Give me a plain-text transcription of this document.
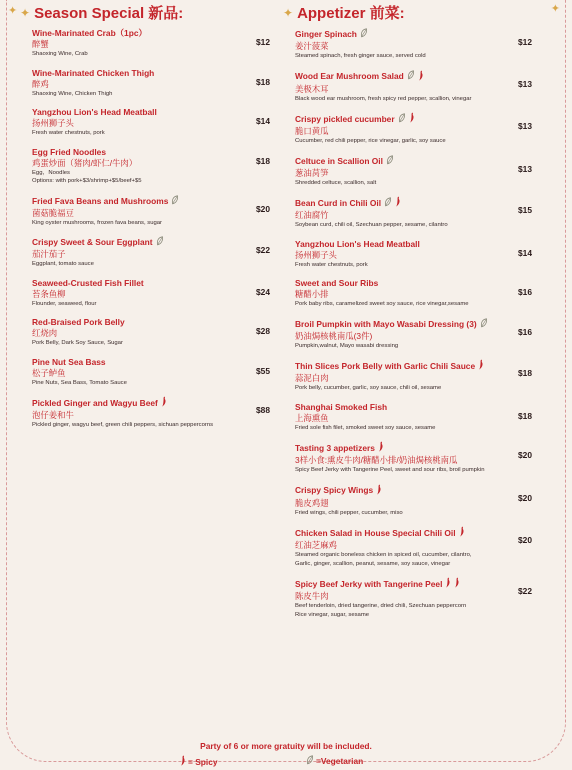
✦	✦
✦ Season Special 新品:
Wine-Marinated Crab（1pc）
醉蟹
Shaoxing Wine, Crab
$12
Wine-Marinated Chicken Thigh
醉鸡
Shaoxing Wine, Chicken Thigh
$18
Yangzhou Lion's Head Meatball
扬州狮子头
Fresh water chestnuts, pork
$14
Egg Fried Noodles
鸡蛋炒面（猪肉/虾仁/牛肉）
Egg，Noodles
Options: with pork+$3/shrimp+$5/beef+$5
$18
Fried Fava Beans and Mushrooms
菌菇脆福豆
King oyster mushrooms, frozen fava beans, sugar
$20
Crispy Sweet & Sour Eggplant
茄汁茄子
Eggplant, tomato sauce
$22
Seaweed-Crusted Fish Fillet
苔条鱼柳
Flounder, seaweed, flour
$24
Red-Braised Pork Belly
红烧肉
Pork Belly, Dark Soy Sauce, Sugar
$28
Pine Nut Sea Bass
松子鲈鱼
Pine Nuts, Sea Bass, Tomato Sauce
$55
Pickled Ginger and Wagyu Beef
泡仔姜和牛
Pickled ginger, wagyu beef, green chili peppers, sichuan peppercorns
$88
✦ Appetizer 前菜:
Ginger Spinach
姜汁菠菜
Steamed spinach, fresh ginger sauce, served cold
$12
Wood Ear Mushroom Salad
美极木耳
Black wood ear mushroom, fresh spicy red pepper, scallion, vinegar
$13
Crispy pickled cucumber
脆口黄瓜
Cucumber, red chili pepper, rice vinegar, garlic, soy sauce
$13
Celtuce in Scallion Oil
葱油莴笋
Shredded celtuce, scallion, salt
$13
Bean Curd in Chili Oil
红油腐竹
Soybean curd, chili oil, Szechuan pepper, sesame, cilantro
$15
Yangzhou Lion's Head Meatball
扬州狮子头
Fresh water chestnuts, pork
$14
Sweet and Sour Ribs
糖醋小排
Pork baby ribs, caramelized sweet soy sauce, rice vinegar,sesame
$16
Broil Pumpkin with Mayo Wasabi Dressing (3)
奶油焗核桃南瓜(3件)
Pumpkin,walnut, Mayo wasabi dressing
$16
Thin Slices Pork Belly with Garlic Chili Sauce
蒜泥白肉
Pork belly, cucumber, garlic, soy sauce, chili oil, sesame
$18
Shanghai Smoked Fish
上海熏鱼
Fried sole fish filet, smoked sweet soy sauce, sesame
$18
Tasting 3 appetizers
3样小食:熏皮牛肉/糖醋小排/奶油焗核桃南瓜
Spicy Beef Jerky with Tangerine Peel, sweet and sour ribs, broil pumpkin
$20
Crispy Spicy Wings
脆皮鸡翅
Fried wings, chili pepper, cucumber, miso
$20
Chicken Salad in House Special Chili Oil
红油芝麻鸡
Steamed organic boneless chicken in spiced oil, cucumber, cilantro,
Garlic, ginger, scallion, peanut, sesame, soy sauce, vinegar
$20
Spicy Beef Jerky with Tangerine Peel
陈皮牛肉
Beef tenderloin, dried tangerine, dried chili, Szechuan peppercorn
Rice vinegar, sugar, sesame
$22
Party of 6 or more gratuity will be included.
= Spicy	=Vegetarian
